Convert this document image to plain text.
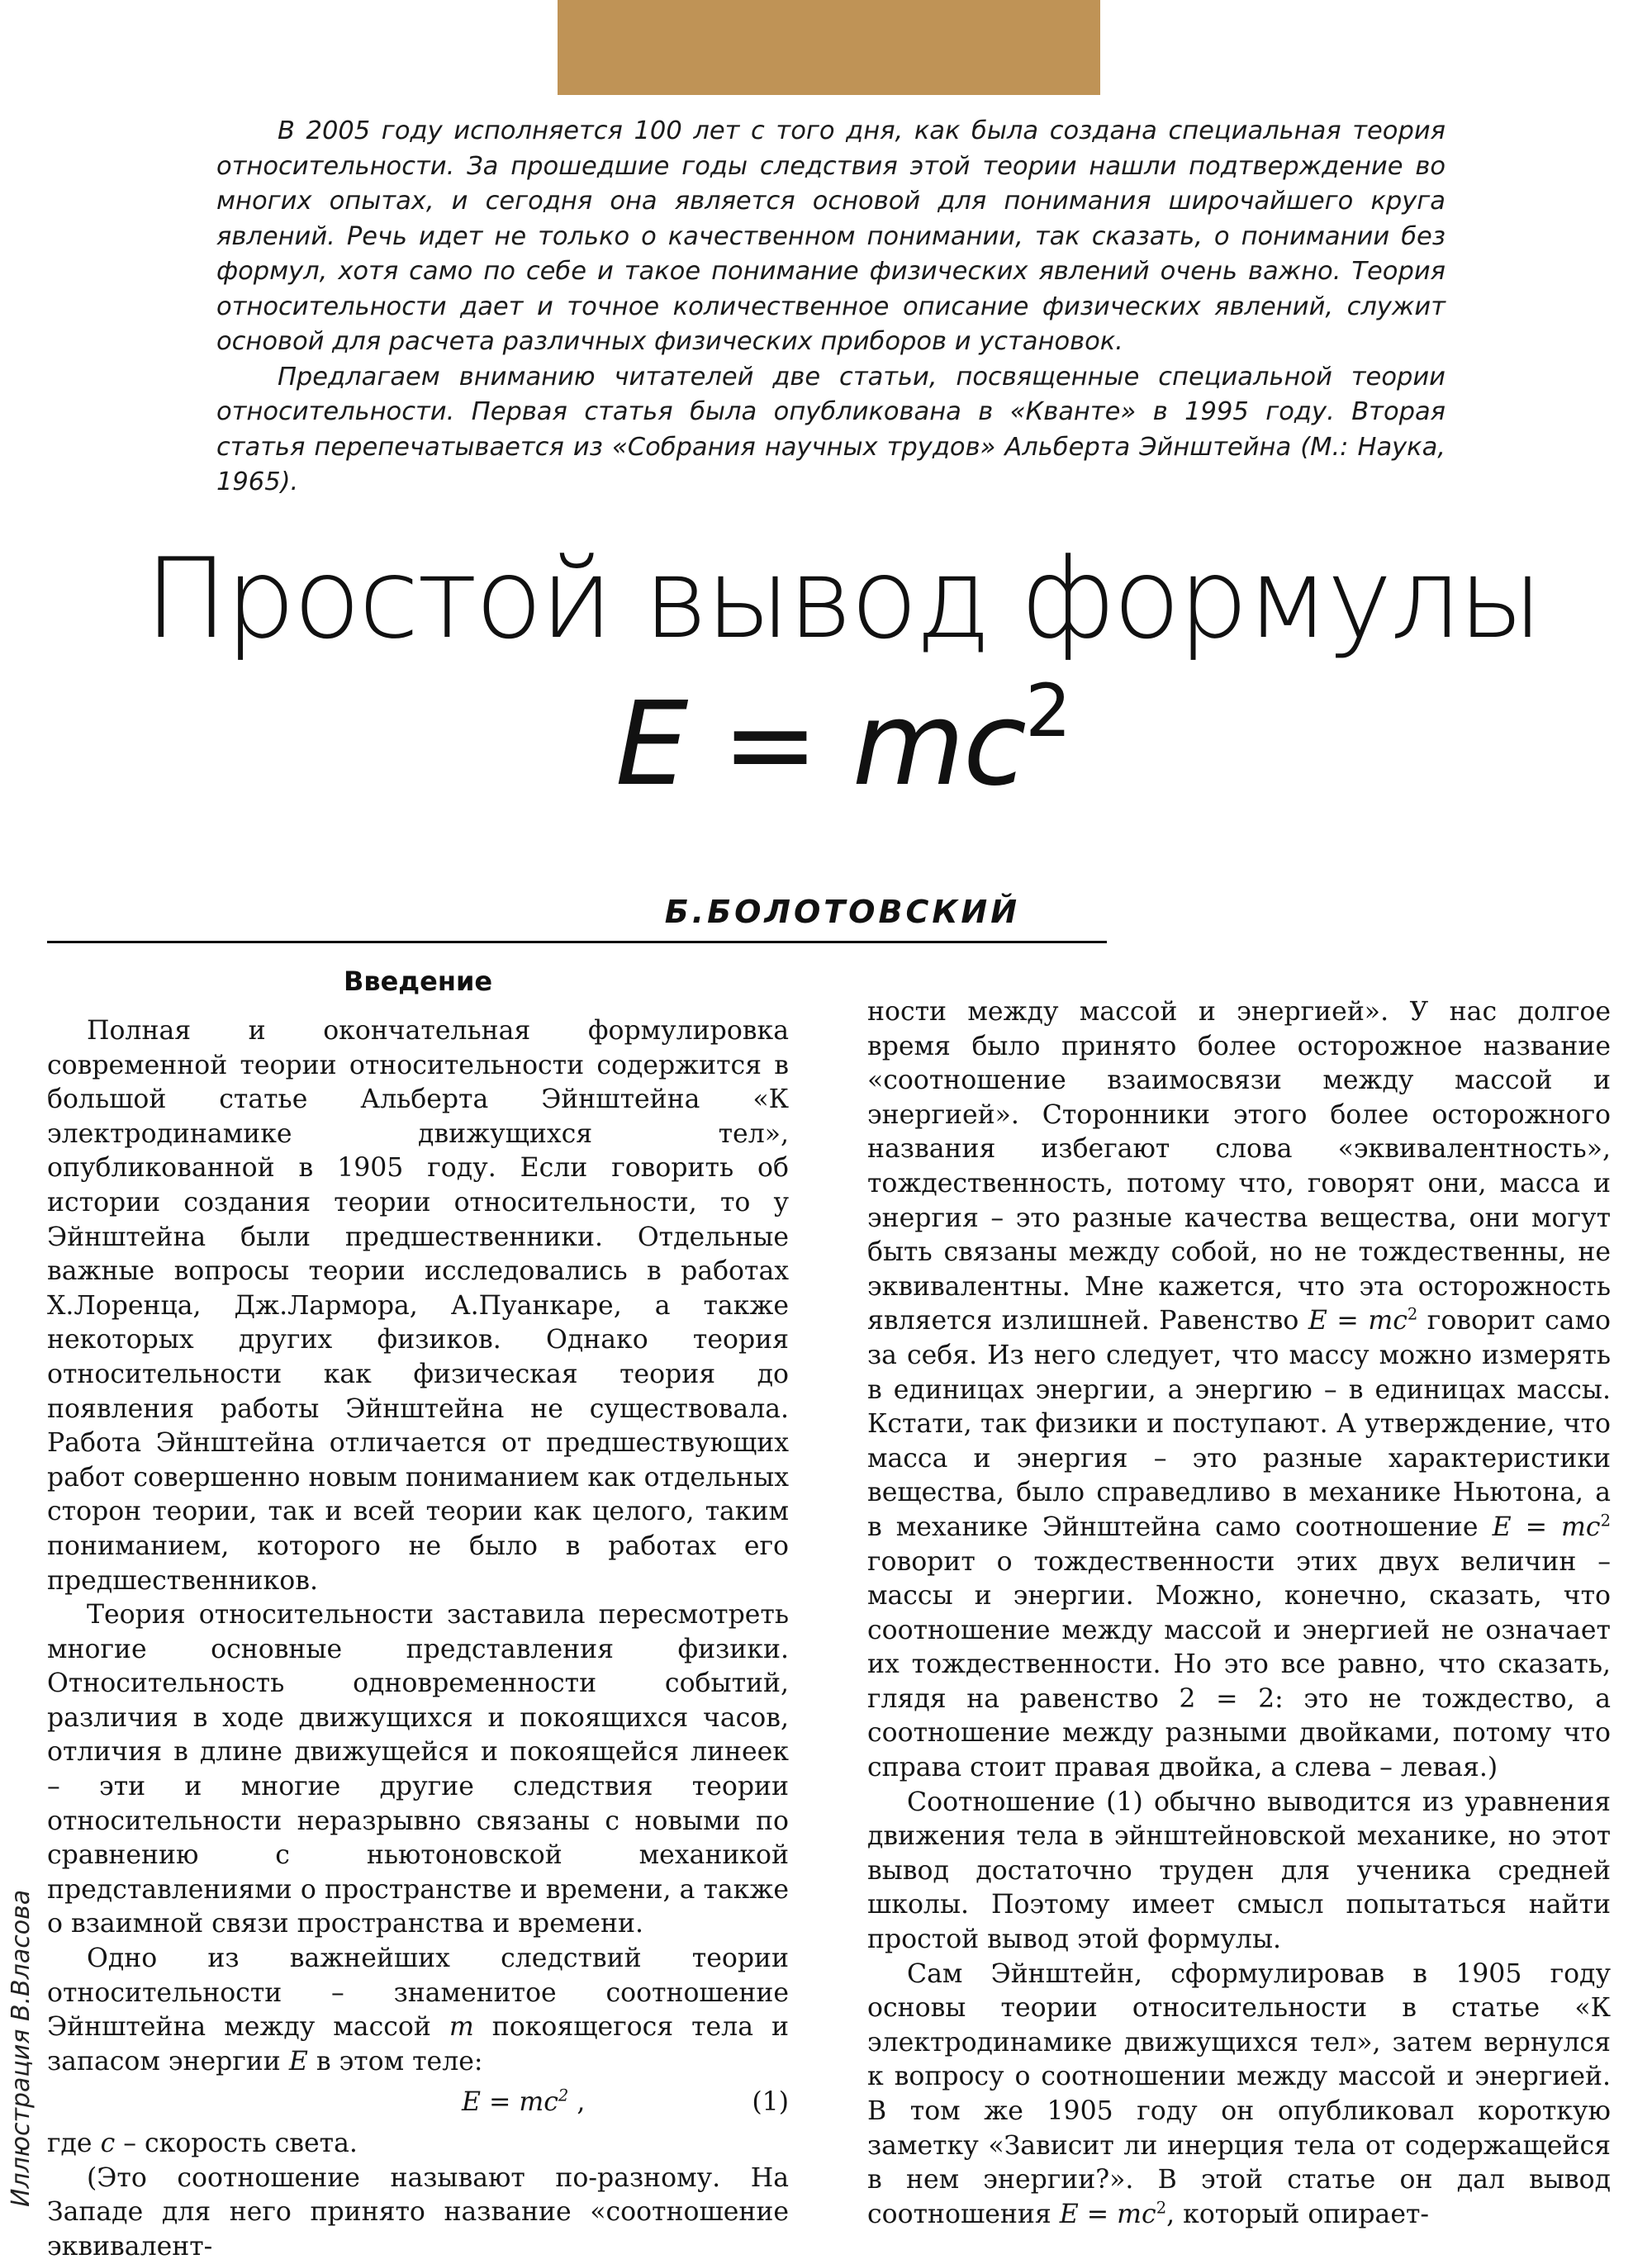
В 2005 году исполняется 100 лет с того дня, как была создана специальная теория относительности. За прошедшие годы следствия этой теории нашли подтверждение во многих опытах, и сегодня она является основой для понимания широчайшего круга явлений. Речь идет не только о качественном понимании, так сказать, о понимании без формул, хотя само по себе и такое понимание физических явлений очень важно. Теория относительности дает и точное количественное описание физических явлений, служит основой для расчета различных физических приборов и установок.

Предлагаем вниманию читателей две статьи, посвященные специальной теории относительности. Первая статья была опубликована в «Кванте» в 1995 году. Вторая статья перепечатывается из «Собрания научных трудов» Альберта Эйнштейна (М.: Наука, 1965).

Простой вывод формулы
$E = mc^2$
Б.БОЛОТОВСКИЙ
Иллюстрация В.Власова
Введение

Полная и окончательная формулировка современной теории относительности содержится в большой статье Альберта Эйнштейна «К электродинамике движущихся тел», опубликованной в 1905 году. Если говорить об истории создания теории относительности, то у Эйнштейна были предшественники. Отдельные важные вопросы теории исследовались в работах Х.Лоренца, Дж.Лармора, А.Пуанкаре, а также некоторых других физиков. Однако теория относительности как физическая теория до появления работы Эйнштейна не существовала. Работа Эйнштейна отличается от предшествующих работ совершенно новым пониманием как отдельных сторон теории, так и всей теории как целого, таким пониманием, которого не было в работах его предшественников.

Теория относительности заставила пересмотреть многие основные представления физики. Относительность одновременности событий, различия в ходе движущихся и покоящихся часов, отличия в длине движущейся и покоящейся линеек – эти и многие другие следствия теории относительности неразрывно связаны с новыми по сравнению с ньютоновской механикой представлениями о пространстве и времени, а также о взаимной связи пространства и времени.

Одно из важнейших следствий теории относительности – знаменитое соотношение Эйнштейна между массой m покоящегося тела и запасом энергии E в этом теле:

$E = mc^2$ ,	(1)

где c – скорость света.

(Это соотношение называют по-разному. На Западе для него принято название «соотношение эквивалент-

ности между массой и энергией». У нас долгое время было принято более осторожное название «соотношение взаимосвязи между массой и энергией». Сторонники этого более осторожного названия избегают слова «эквивалентность», тождественность, потому что, говорят они, масса и энергия – это разные качества вещества, они могут быть связаны между собой, но не тождественны, не эквивалентны. Мне кажется, что эта осторожность является излишней. Равенство $E = mc^2$ говорит само за себя. Из него следует, что массу можно измерять в единицах энергии, а энергию – в единицах массы. Кстати, так физики и поступают. А утверждение, что масса и энергия – это разные характеристики вещества, было справедливо в механике Ньютона, а в механике Эйнштейна само соотношение $E = mc^2$ говорит о тождественности этих двух величин – массы и энергии. Можно, конечно, сказать, что соотношение между массой и энергией не означает их тождественности. Но это все равно, что сказать, глядя на равенство 2 = 2: это не тождество, а соотношение между разными двойками, потому что справа стоит правая двойка, а слева – левая.)

Соотношение (1) обычно выводится из уравнения движения тела в эйнштейновской механике, но этот вывод достаточно труден для ученика средней школы. Поэтому имеет смысл попытаться найти простой вывод этой формулы.

Сам Эйнштейн, сформулировав в 1905 году основы теории относительности в статье «К электродинамике движущихся тел», затем вернулся к вопросу о соотношении между массой и энергией. В том же 1905 году он опубликовал короткую заметку «Зависит ли инерция тела от содержащейся в нем энергии?». В этой статье он дал вывод соотношения $E = mc^2$, который опирает-
